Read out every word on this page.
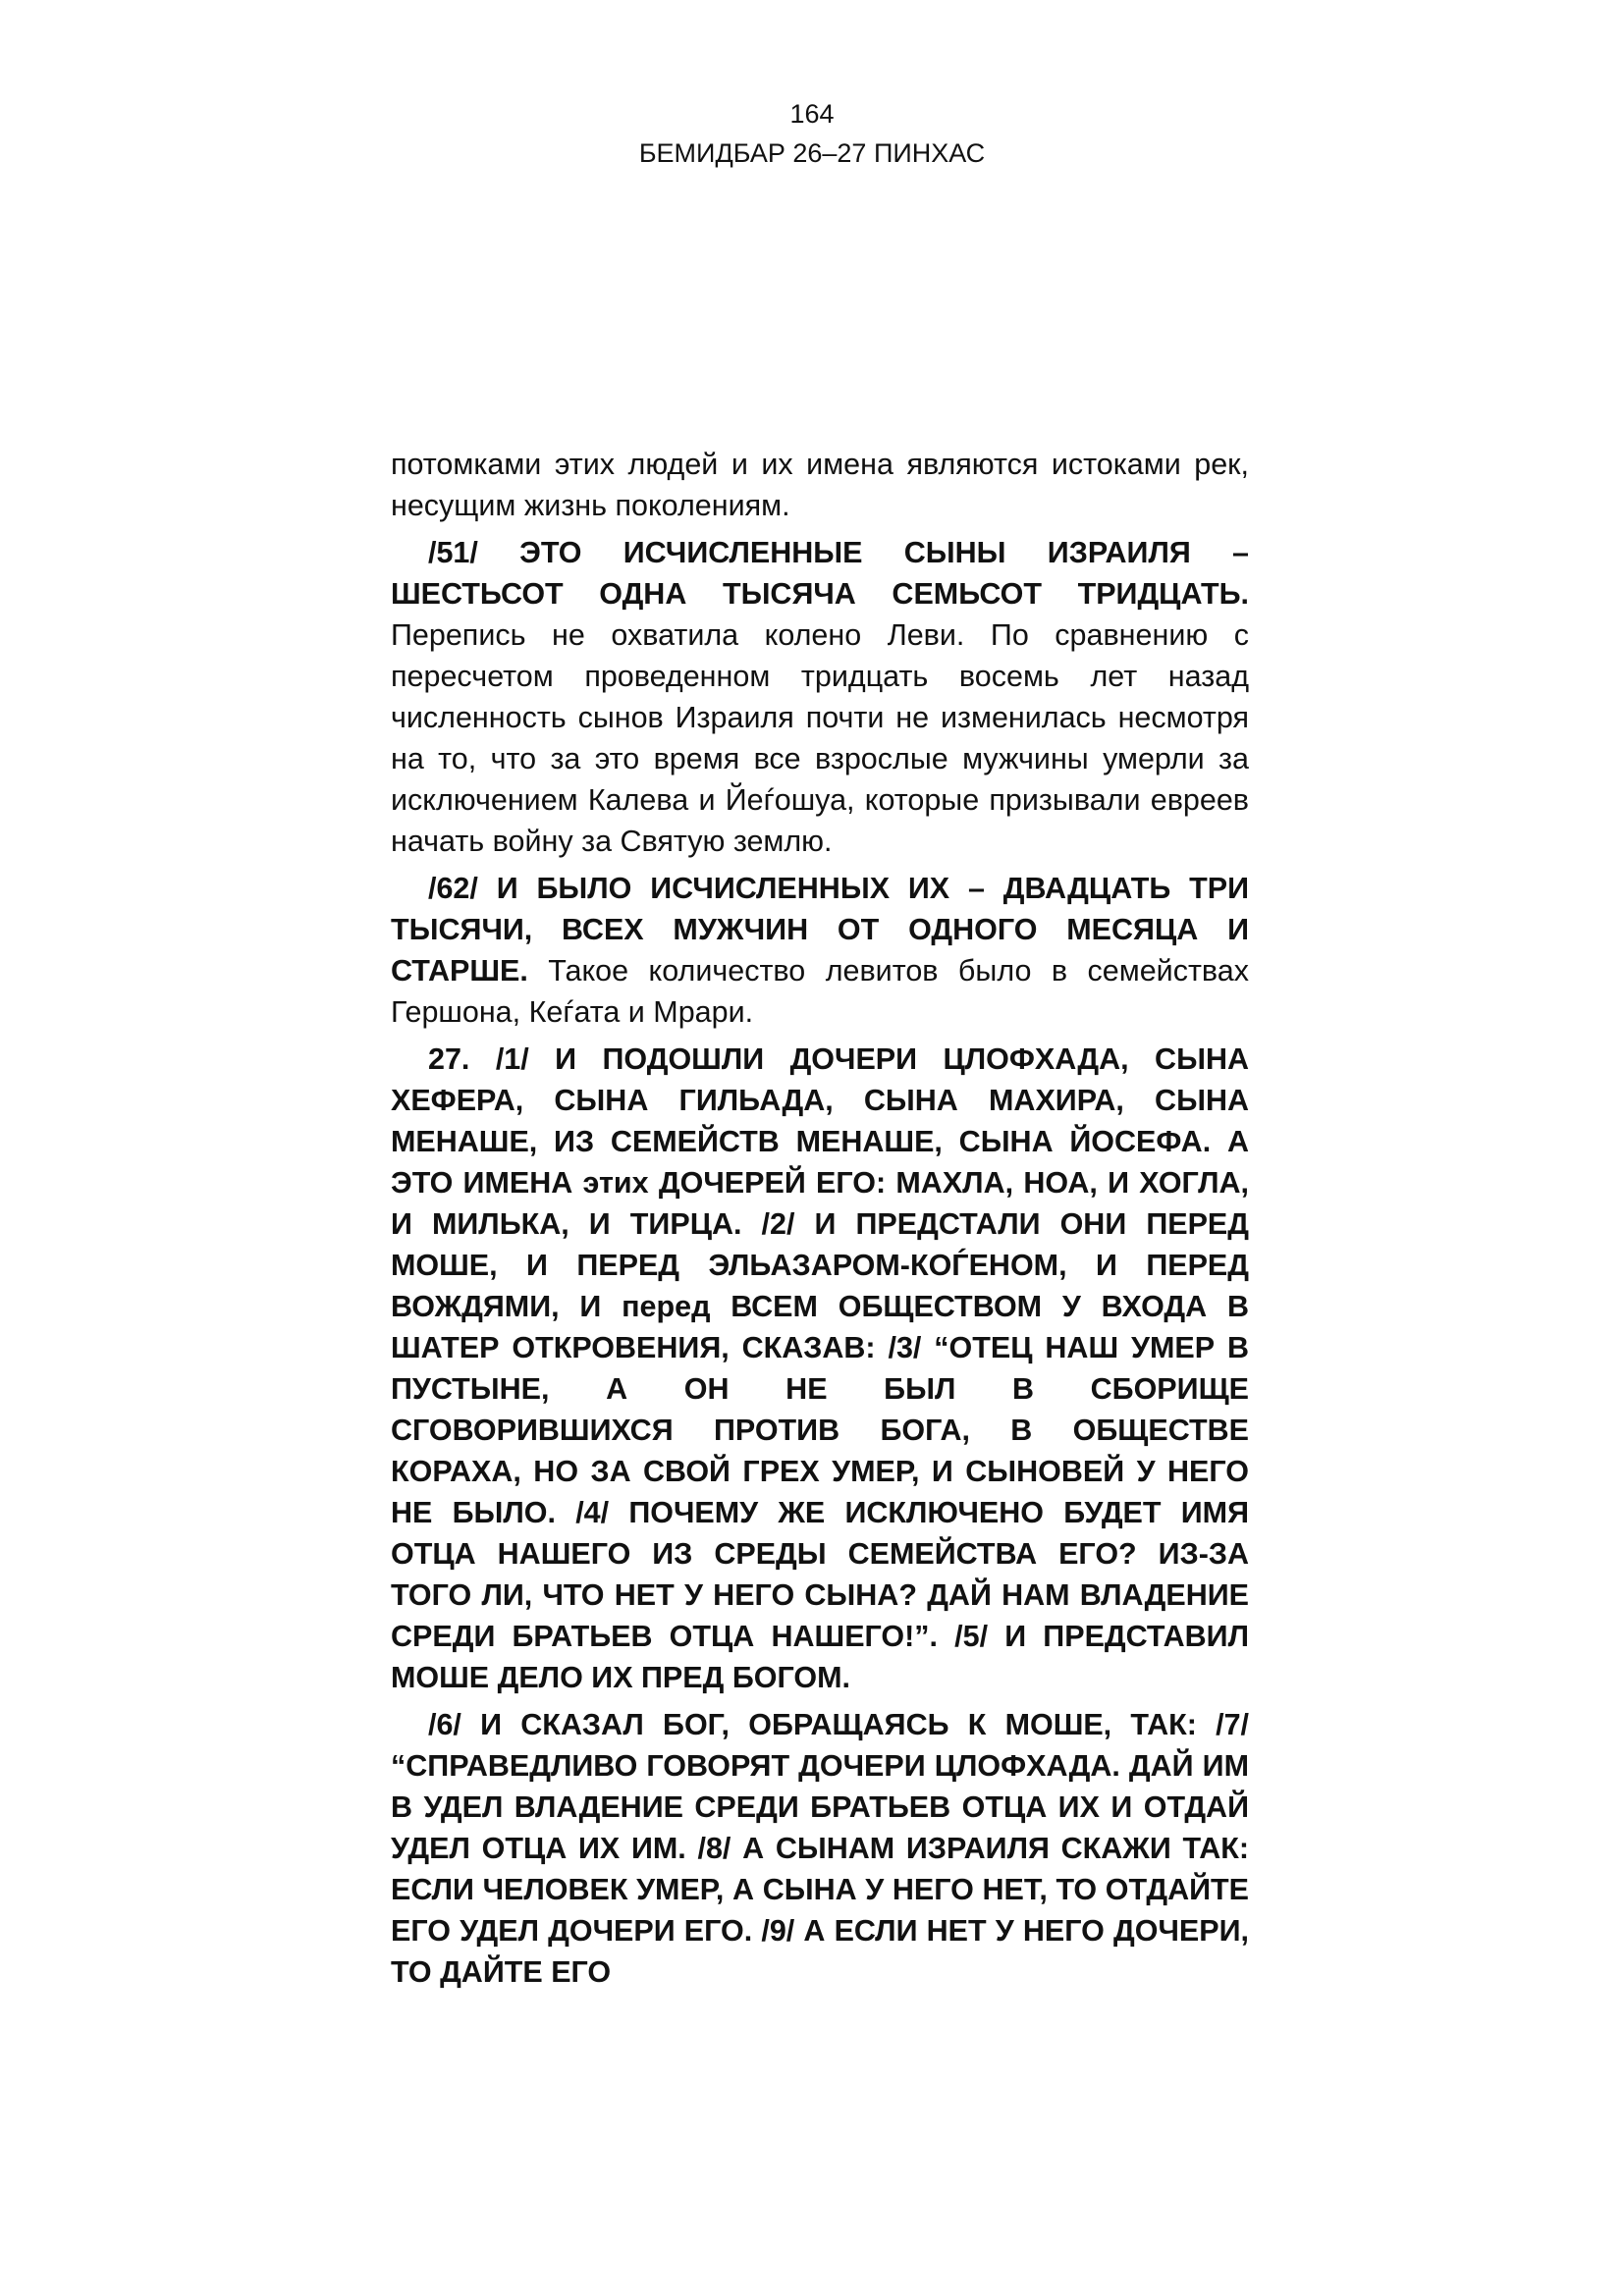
164
БЕМИДБАР 26–27 ПИНХАС

потомками этих людей и их имена являются истоками рек, несущим жизнь поколениям.

/51/ ЭТО ИСЧИСЛЕННЫЕ СЫНЫ ИЗРАИЛЯ – ШЕСТЬСОТ ОДНА ТЫСЯЧА СЕМЬСОТ ТРИДЦАТЬ. Перепись не охватила колено Леви. По сравнению с пересчетом проведенном тридцать восемь лет назад численность сынов Израиля почти не изменилась несмотря на то, что за это время все взрослые мужчины умерли за исключением Калева и Йеѓошуа, которые призывали евреев начать войну за Святую землю.

/62/ И БЫЛО ИСЧИСЛЕННЫХ ИХ – ДВАДЦАТЬ ТРИ ТЫСЯЧИ, ВСЕХ МУЖЧИН ОТ ОДНОГО МЕСЯЦА И СТАРШЕ. Такое количество левитов было в семействах Гершона, Кеѓата и Мрари.

27. /1/ И ПОДОШЛИ ДОЧЕРИ ЦЛОФХАДА, СЫНА ХЕФЕРА, СЫНА ГИЛЬАДА, СЫНА МАХИРА, СЫНА МЕНАШЕ, ИЗ СЕМЕЙСТВ МЕНАШЕ, СЫНА ЙОСЕФА. А ЭТО ИМЕНА этих ДОЧЕРЕЙ ЕГО: МАХЛА, НОА, И ХОГЛА, И МИЛЬКА, И ТИРЦА. /2/ И ПРЕДСТАЛИ ОНИ ПЕРЕД МОШЕ, И ПЕРЕД ЭЛЬАЗАРОМ-КОЃЕНОМ, И ПЕРЕД ВОЖДЯМИ, И перед ВСЕМ ОБЩЕСТВОМ У ВХОДА В ШАТЕР ОТКРОВЕНИЯ, СКАЗАВ: /3/ “ОТЕЦ НАШ УМЕР В ПУСТЫНЕ, А ОН НЕ БЫЛ В СБОРИЩЕ СГОВОРИВШИХСЯ ПРОТИВ БОГА, В ОБЩЕСТВЕ КОРАХА, НО ЗА СВОЙ ГРЕХ УМЕР, И СЫНОВЕЙ У НЕГО НЕ БЫЛО. /4/ ПОЧЕМУ ЖЕ ИСКЛЮЧЕНО БУДЕТ ИМЯ ОТЦА НАШЕГО ИЗ СРЕДЫ СЕМЕЙСТВА ЕГО? ИЗ-ЗА ТОГО ЛИ, ЧТО НЕТ У НЕГО СЫНА? ДАЙ НАМ ВЛАДЕНИЕ СРЕДИ БРАТЬЕВ ОТЦА НАШЕГО!”. /5/ И ПРЕДСТАВИЛ МОШЕ ДЕЛО ИХ ПРЕД БОГОМ.

/6/ И СКАЗАЛ БОГ, ОБРАЩАЯСЬ К МОШЕ, ТАК: /7/ “СПРАВЕДЛИВО ГОВОРЯТ ДОЧЕРИ ЦЛОФХАДА. ДАЙ ИМ В УДЕЛ ВЛАДЕНИЕ СРЕДИ БРАТЬЕВ ОТЦА ИХ И ОТДАЙ УДЕЛ ОТЦА ИХ ИМ. /8/ А СЫНАМ ИЗРАИЛЯ СКАЖИ ТАК: ЕСЛИ ЧЕЛОВЕК УМЕР, А СЫНА У НЕГО НЕТ, ТО ОТДАЙТЕ ЕГО УДЕЛ ДОЧЕРИ ЕГО. /9/ А ЕСЛИ НЕТ У НЕГО ДОЧЕРИ, ТО ДАЙТЕ ЕГО
